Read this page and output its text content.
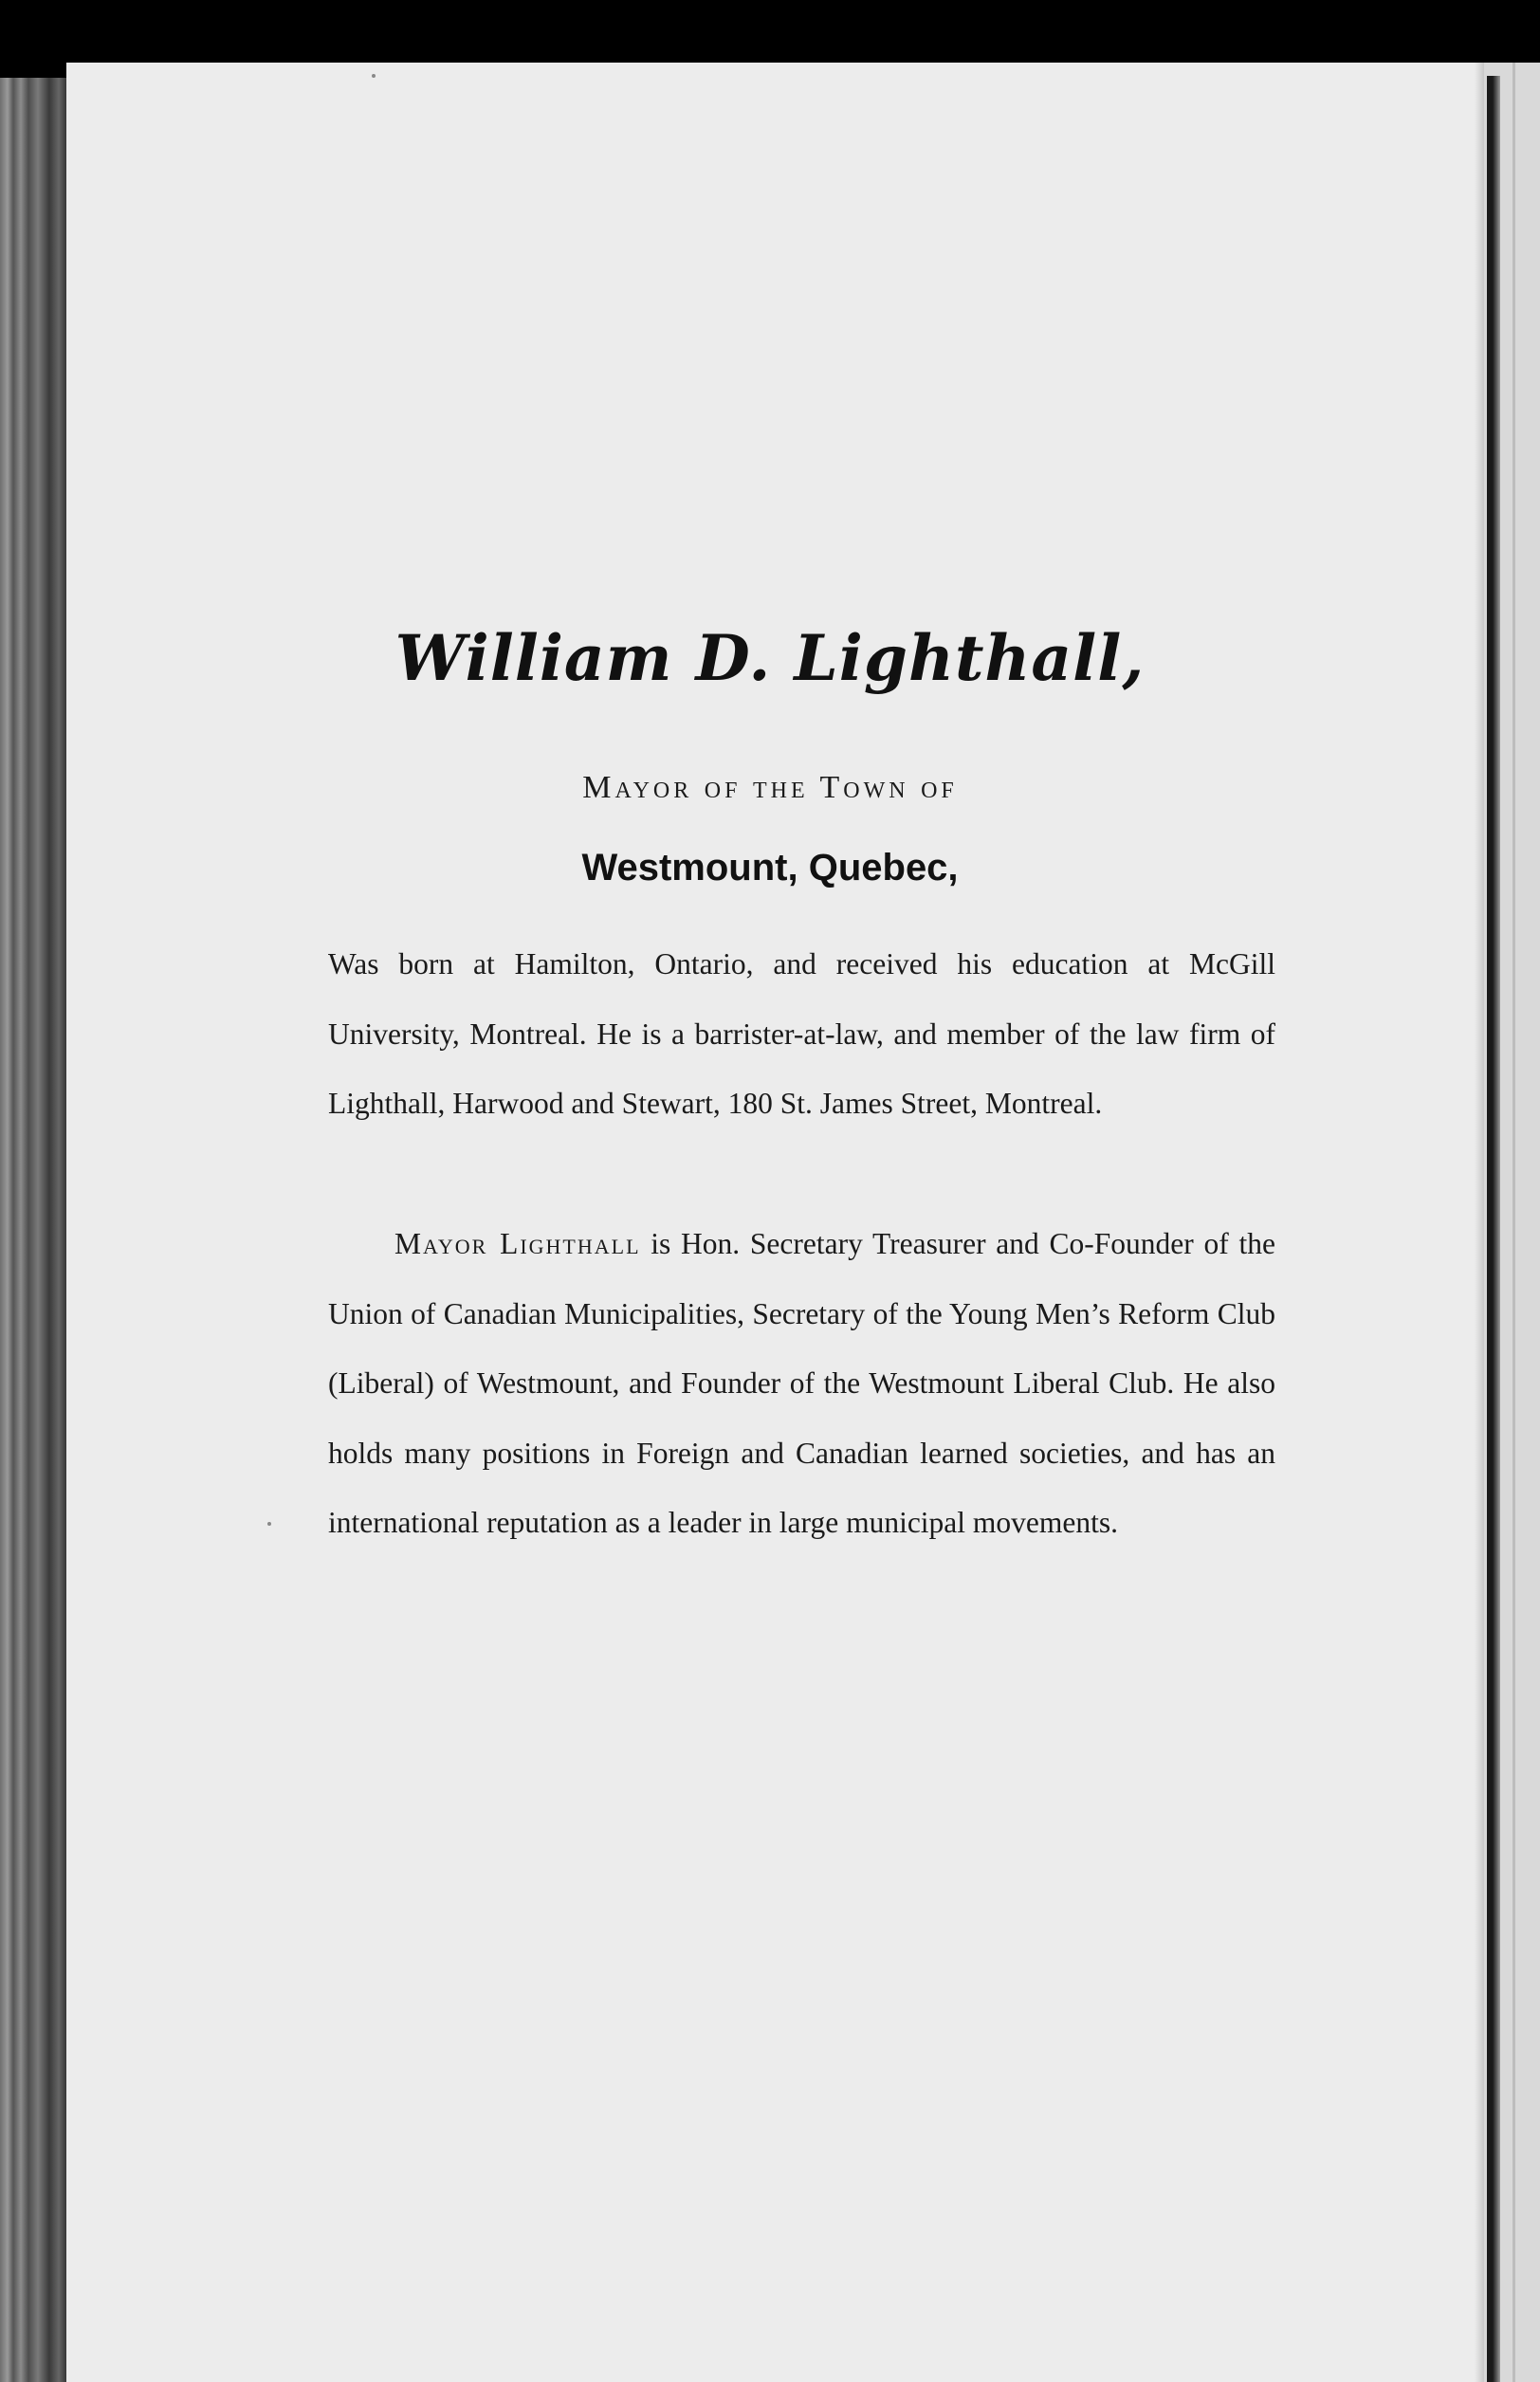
William D. Lighthall,
Mayor of the Town of
Westmount, Quebec,

Was born at Hamilton, Ontario, and received his education at McGill University, Montreal. He is a barrister-at-law, and member of the law firm of Lighthall, Harwood and Stewart, 180 St. James Street, Montreal.

Mayor Lighthall is Hon. Secretary Treasurer and Co-Founder of the Union of Canadian Municipalities, Secretary of the Young Men’s Reform Club (Liberal) of Westmount, and Founder of the Westmount Liberal Club. He also holds many positions in Foreign and Canadian learned societies, and has an international reputation as a leader in large municipal movements.
